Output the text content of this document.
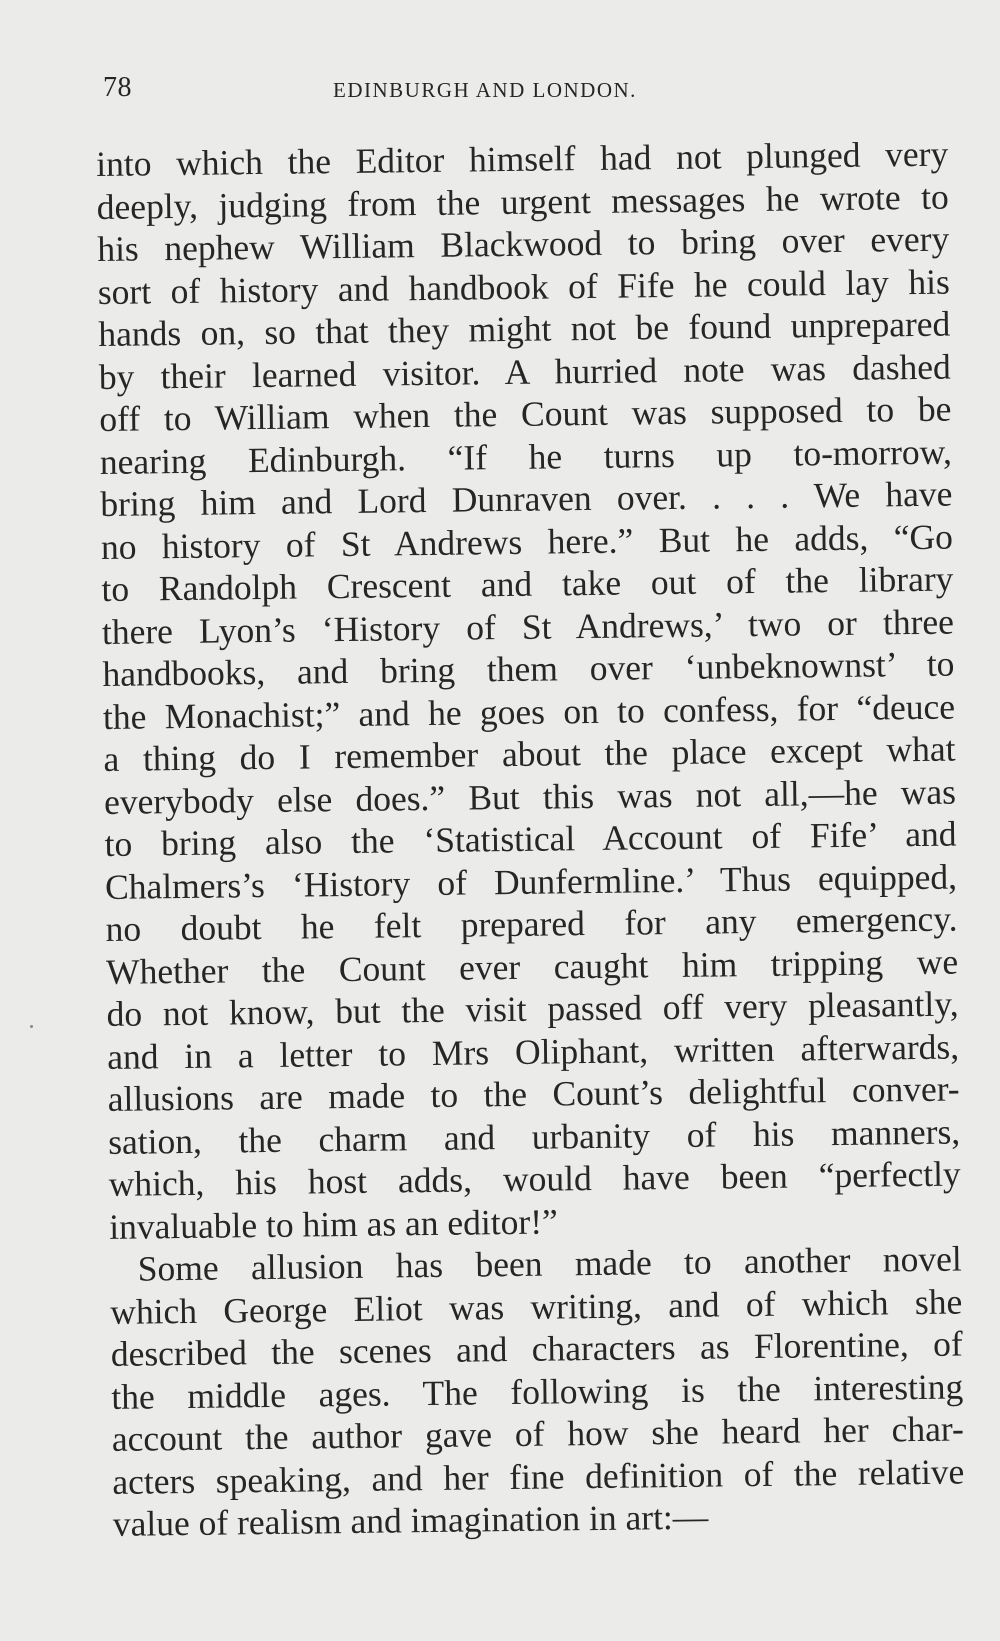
78	EDINBURGH AND LONDON.
into which the Editor himself had not plunged very
deeply, judging from the urgent messages he wrote to
his nephew William Blackwood to bring over every
sort of history and handbook of Fife he could lay his
hands on, so that they might not be found unprepared
by their learned visitor. A hurried note was dashed
off to William when the Count was supposed to be
nearing Edinburgh. “If he turns up to-morrow,
bring him and Lord Dunraven over. . . . We have
no history of St Andrews here.” But he adds, “Go
to Randolph Crescent and take out of the library
there Lyon’s ‘History of St Andrews,’ two or three
handbooks, and bring them over ‘unbeknownst’ to
the Monachist;” and he goes on to confess, for “deuce
a thing do I remember about the place except what
everybody else does.” But this was not all,—he was
to bring also the ‘Statistical Account of Fife’ and
Chalmers’s ‘History of Dunfermline.’ Thus equipped,
no doubt he felt prepared for any emergency.
Whether the Count ever caught him tripping we
do not know, but the visit passed off very pleasantly,
and in a letter to Mrs Oliphant, written afterwards,
allusions are made to the Count’s delightful conver-
sation, the charm and urbanity of his manners,
which, his host adds, would have been “perfectly
invaluable to him as an editor!”
Some allusion has been made to another novel
which George Eliot was writing, and of which she
described the scenes and characters as Florentine, of
the middle ages. The following is the interesting
account the author gave of how she heard her char-
acters speaking, and her fine definition of the relative
value of realism and imagination in art:—
